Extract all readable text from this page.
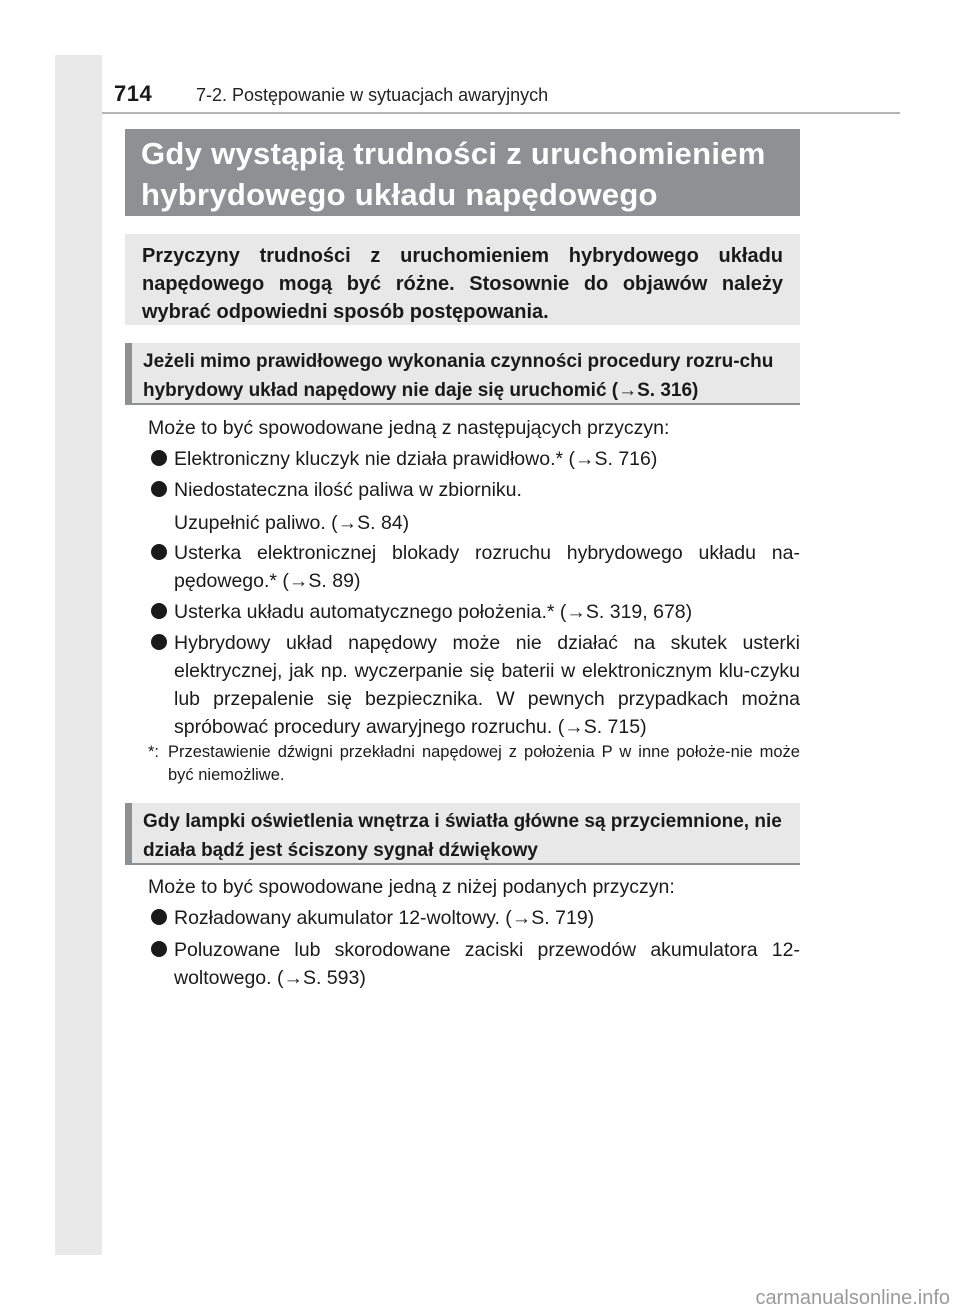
714 7-2. Postępowanie w sytuacjach awaryjnych
Gdy wystąpią trudności z uruchomieniem
hybrydowego układu napędowego
Przyczyny trudności z uruchomieniem hybrydowego układu napędowego mogą być różne. Stosownie do objawów należy wybrać odpowiedni sposób postępowania.
Jeżeli mimo prawidłowego wykonania czynności procedury rozru-chu hybrydowy układ napędowy nie daje się uruchomić (→S. 316)
Może to być spowodowane jedną z następujących przyczyn:
Elektroniczny kluczyk nie działa prawidłowo.* (→S. 716)
Niedostateczna ilość paliwa w zbiorniku.
Uzupełnić paliwo. (→S. 84)
Usterka elektronicznej blokady rozruchu hybrydowego układu na-pędowego.* (→S. 89)
Usterka układu automatycznego położenia.* (→S. 319, 678)
Hybrydowy układ napędowy może nie działać na skutek usterki elektrycznej, jak np. wyczerpanie się baterii w elektronicznym klu-czyku lub przepalenie się bezpiecznika. W pewnych przypadkach można spróbować procedury awaryjnego rozruchu. (→S. 715)
*: Przestawienie dźwigni przekładni napędowej z położenia P w inne położe-nie może być niemożliwe.
Gdy lampki oświetlenia wnętrza i światła główne są przyciemnione, nie działa bądź jest ściszony sygnał dźwiękowy
Może to być spowodowane jedną z niżej podanych przyczyn:
Rozładowany akumulator 12-woltowy. (→S. 719)
Poluzowane lub skorodowane zaciski przewodów akumulatora 12-woltowego. (→S. 593)
carmanualsonline.info
